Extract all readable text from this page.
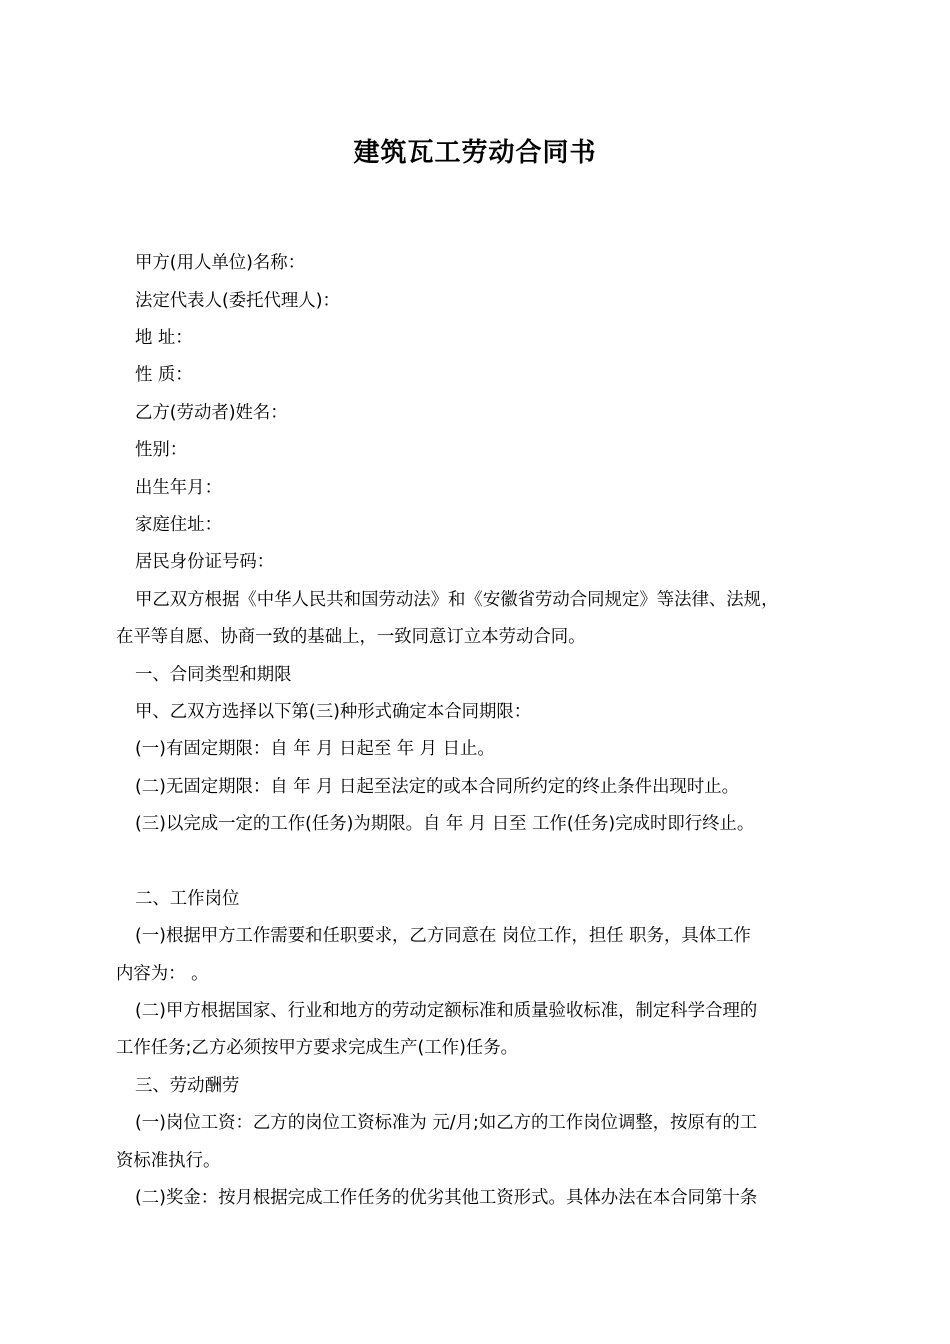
建筑瓦工劳动合同书
甲方(用人单位)名称：
法定代表人(委托代理人)：
地 址：
性 质：
乙方(劳动者)姓名：
性别：
出生年月：
家庭住址：
居民身份证号码：
甲乙双方根据《中华人民共和国劳动法》和《安徽省劳动合同规定》等法律、法规，
在平等自愿、协商一致的基础上，一致同意订立本劳动合同。
一、合同类型和期限
甲、乙双方选择以下第(三)种形式确定本合同期限：
(一)有固定期限：自 年 月 日起至 年 月 日止。
(二)无固定期限：自 年 月 日起至法定的或本合同所约定的终止条件出现时止。
(三)以完成一定的工作(任务)为期限。自 年 月 日至 工作(任务)完成时即行终止。
二、工作岗位
(一)根据甲方工作需要和任职要求，乙方同意在 岗位工作，担任 职务，具体工作
内容为： 。
(二)甲方根据国家、行业和地方的劳动定额标准和质量验收标准，制定科学合理的
工作任务;乙方必须按甲方要求完成生产(工作)任务。
三、劳动酬劳
(一)岗位工资：乙方的岗位工资标准为 元/月;如乙方的工作岗位调整，按原有的工
资标准执行。
(二)奖金：按月根据完成工作任务的优劣其他工资形式。具体办法在本合同第十条
